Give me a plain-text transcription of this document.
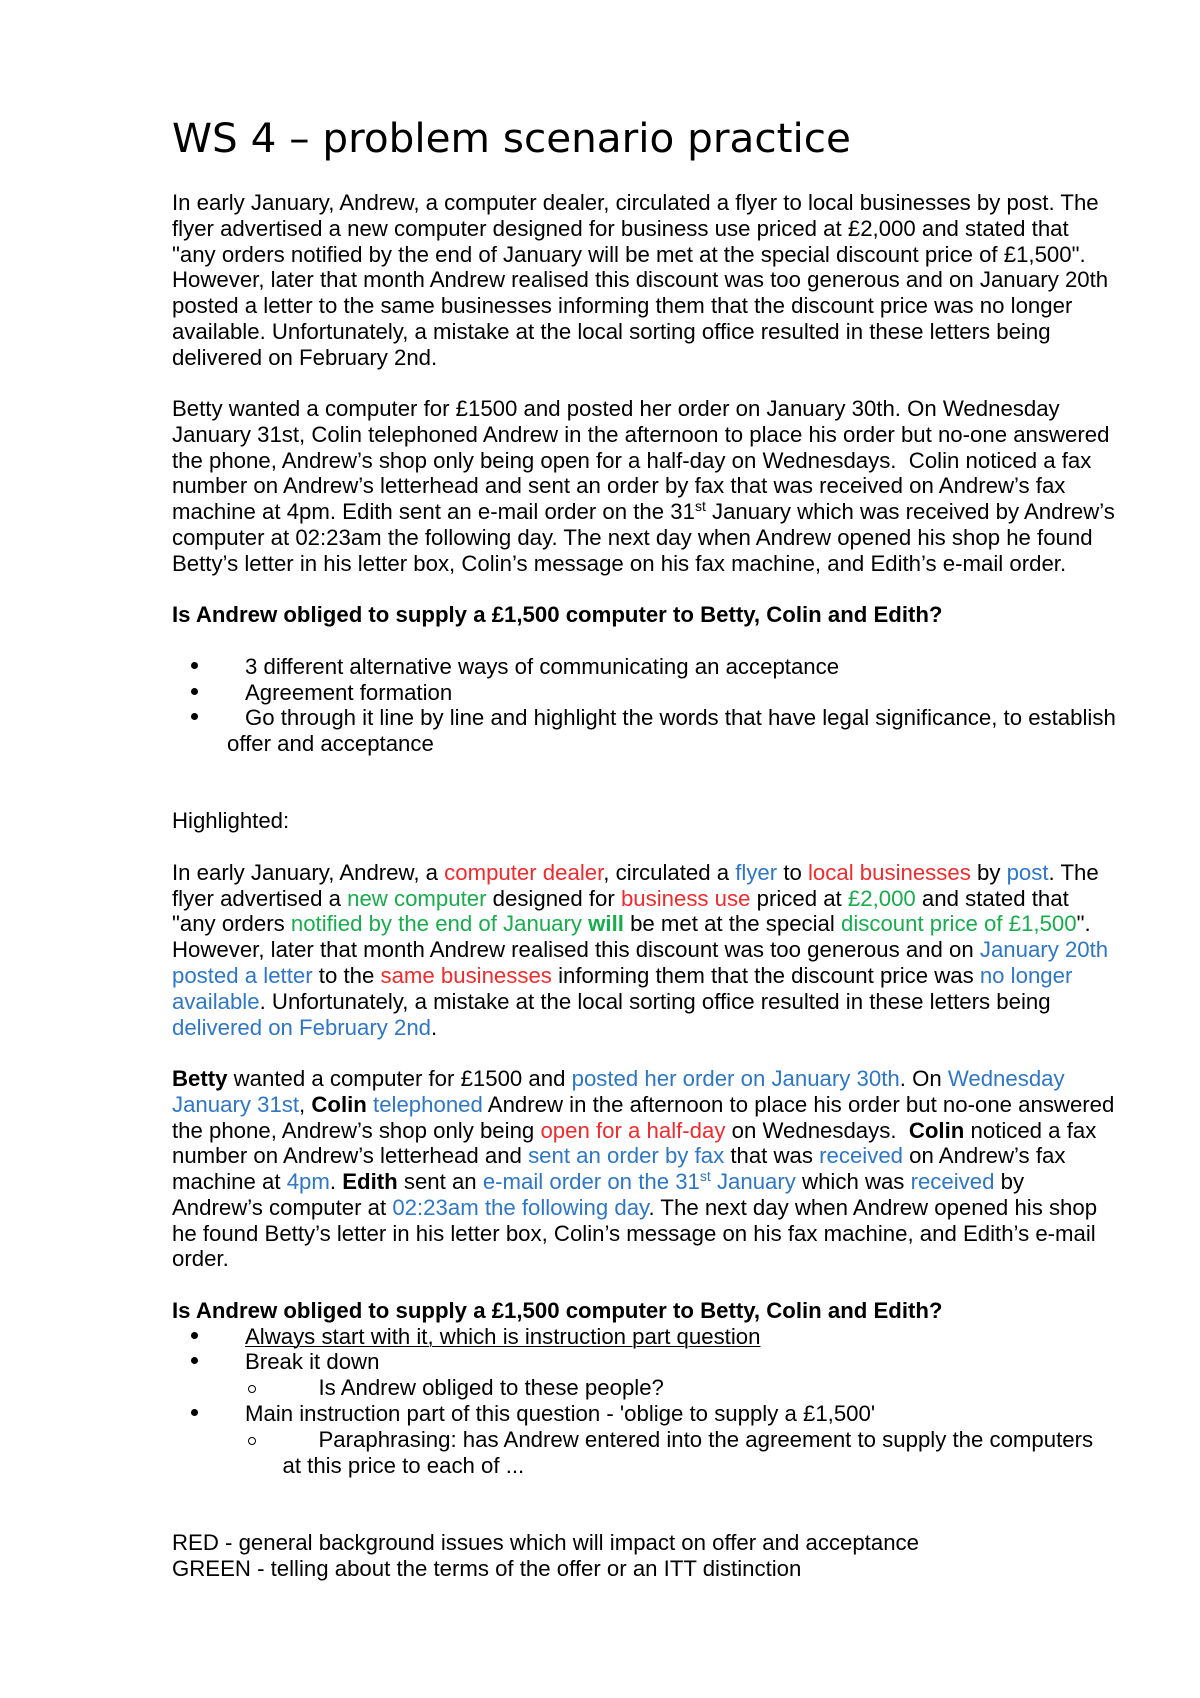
WS 4 – problem scenario practice
In early January, Andrew, a computer dealer, circulated a flyer to local businesses by post. The
flyer advertised a new computer designed for business use priced at £2,000 and stated that
"any orders notified by the end of January will be met at the special discount price of £1,500".
However, later that month Andrew realised this discount was too generous and on January 20th
posted a letter to the same businesses informing them that the discount price was no longer
available. Unfortunately, a mistake at the local sorting office resulted in these letters being
delivered on February 2nd.
Betty wanted a computer for £1500 and posted her order on January 30th. On Wednesday
January 31st, Colin telephoned Andrew in the afternoon to place his order but no-one answered
the phone, Andrew’s shop only being open for a half-day on Wednesdays.  Colin noticed a fax
number on Andrew’s letterhead and sent an order by fax that was received on Andrew’s fax
machine at 4pm. Edith sent an e-mail order on the 31st January which was received by Andrew’s
computer at 02:23am the following day. The next day when Andrew opened his shop he found
Betty’s letter in his letter box, Colin’s message on his fax machine, and Edith’s e-mail order.
Is Andrew obliged to supply a £1,500 computer to Betty, Colin and Edith?
3 different alternative ways of communicating an acceptance
Agreement formation
Go through it line by line and highlight the words that have legal significance, to establish
offer and acceptance
Highlighted:
In early January, Andrew, a computer dealer, circulated a flyer to local businesses by post. The
flyer advertised a new computer designed for business use priced at £2,000 and stated that
"any orders notified by the end of January will be met at the special discount price of £1,500".
However, later that month Andrew realised this discount was too generous and on January 20th
posted a letter to the same businesses informing them that the discount price was no longer
available. Unfortunately, a mistake at the local sorting office resulted in these letters being
delivered on February 2nd.
Betty wanted a computer for £1500 and posted her order on January 30th. On Wednesday
January 31st, Colin telephoned Andrew in the afternoon to place his order but no-one answered
the phone, Andrew’s shop only being open for a half-day on Wednesdays.  Colin noticed a fax
number on Andrew’s letterhead and sent an order by fax that was received on Andrew’s fax
machine at 4pm. Edith sent an e-mail order on the 31st January which was received by
Andrew’s computer at 02:23am the following day. The next day when Andrew opened his shop
he found Betty’s letter in his letter box, Colin’s message on his fax machine, and Edith’s e-mail
order.
Is Andrew obliged to supply a £1,500 computer to Betty, Colin and Edith?
Always start with it, which is instruction part question
Break it down
Is Andrew obliged to these people?
Main instruction part of this question - 'oblige to supply a £1,500'
Paraphrasing: has Andrew entered into the agreement to supply the computers
at this price to each of ...
RED - general background issues which will impact on offer and acceptance
GREEN - telling about the terms of the offer or an ITT distinction
